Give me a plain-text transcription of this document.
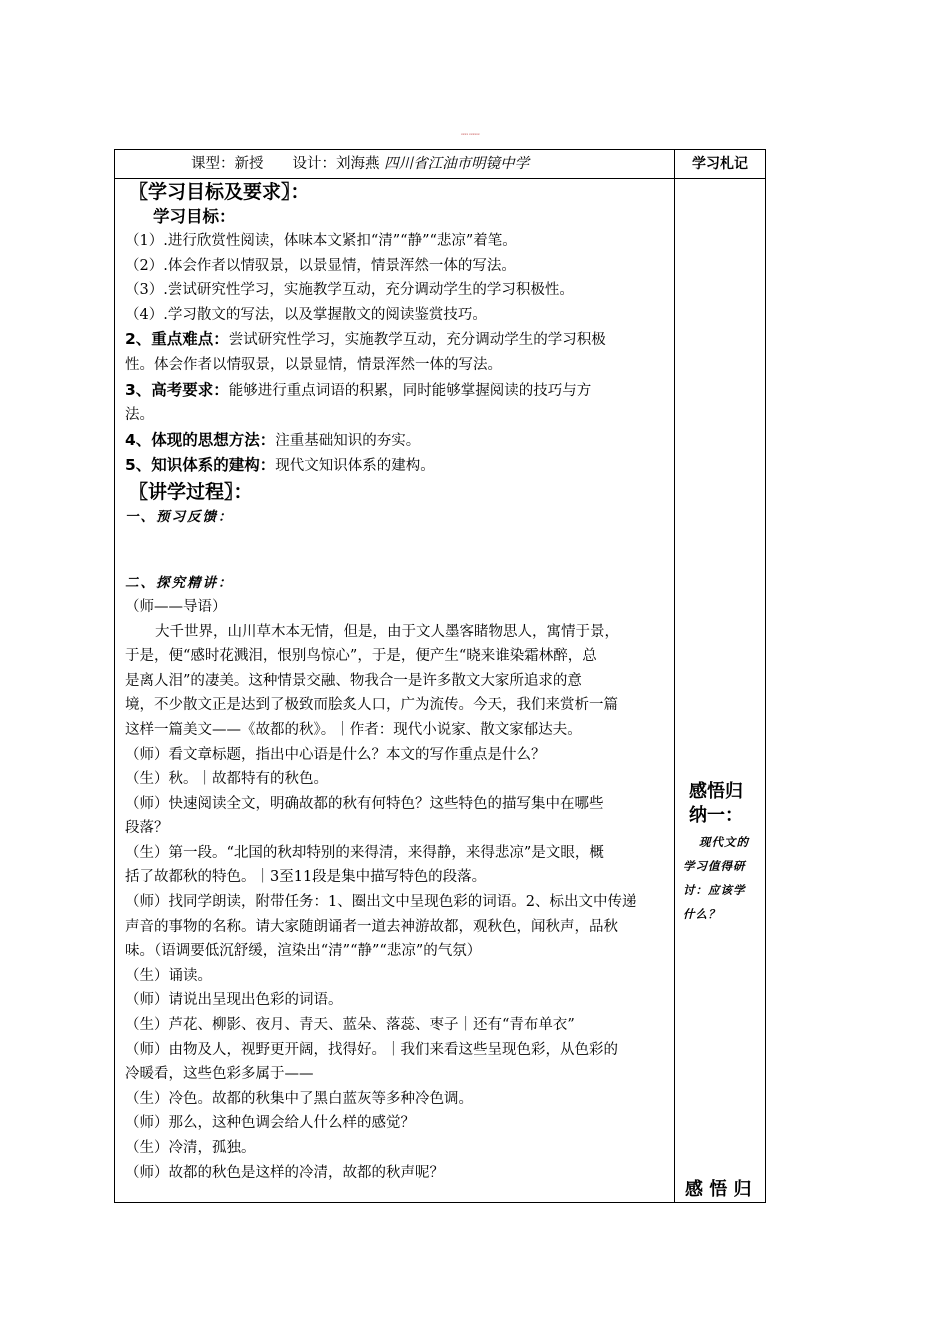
xxxx xxxxxx
课型：新授　　设计：刘海燕 四川省江油市明镜中学	学习札记
〖学习目标及要求〗：
学习目标：
（1）.进行欣赏性阅读，体味本文紧扣“清”“静”“悲凉”着笔。
（2）.体会作者以情驭景，以景显情，情景浑然一体的写法。
（3）.尝试研究性学习，实施教学互动，充分调动学生的学习积极性。
（4）.学习散文的写法，以及掌握散文的阅读鉴赏技巧。
2、重点难点：尝试研究性学习，实施教学互动，充分调动学生的学习积极
性。体会作者以情驭景，以景显情，情景浑然一体的写法。
3、高考要求：能够进行重点词语的积累，同时能够掌握阅读的技巧与方
法。
4、体现的思想方法：注重基础知识的夯实。
5、知识体系的建构：现代文知识体系的建构。
〖讲学过程〗：
一、预习反馈：
二、探究精讲：
（师——导语）
大千世界，山川草木本无情，但是，由于文人墨客睹物思人，寓情于景，
于是，便“感时花溅泪，恨别鸟惊心”，于是，便产生“晓来谁染霜林醉，总
是离人泪”的凄美。这种情景交融、物我合一是许多散文大家所追求的意
境，不少散文正是达到了极致而脍炙人口，广为流传。今天，我们来赏析一篇
这样一篇美文——《故都的秋》。｜作者：现代小说家、散文家郁达夫。
（师）看文章标题，指出中心语是什么？本文的写作重点是什么？
（生）秋。｜故都特有的秋色。
（师）快速阅读全文，明确故都的秋有何特色？这些特色的描写集中在哪些
段落？
（生）第一段。“北国的秋却特别的来得清，来得静，来得悲凉”是文眼，概
括了故都秋的特色。｜3至11段是集中描写特色的段落。
（师）找同学朗读，附带任务：1、圈出文中呈现色彩的词语。2、标出文中传递
声音的事物的名称。请大家随朗诵者一道去神游故都，观秋色，闻秋声，品秋
味。（语调要低沉舒缓，渲染出“清”“静”“悲凉”的气氛）
（生）诵读。
（师）请说出呈现出色彩的词语。
（生）芦花、柳影、夜月、青天、蓝朵、落蕊、枣子｜还有“青布单衣”
（师）由物及人，视野更开阔，找得好。｜我们来看这些呈现色彩，从色彩的
冷暖看，这些色彩多属于——
（生）冷色。故都的秋集中了黑白蓝灰等多种冷色调。
（师）那么，这种色调会给人什么样的感觉？
（生）冷清，孤独。
（师）故都的秋色是这样的冷清，故都的秋声呢？
感悟归
纳一：
现代文的
学习值得研
讨：应该学
什么？
感 悟 归
